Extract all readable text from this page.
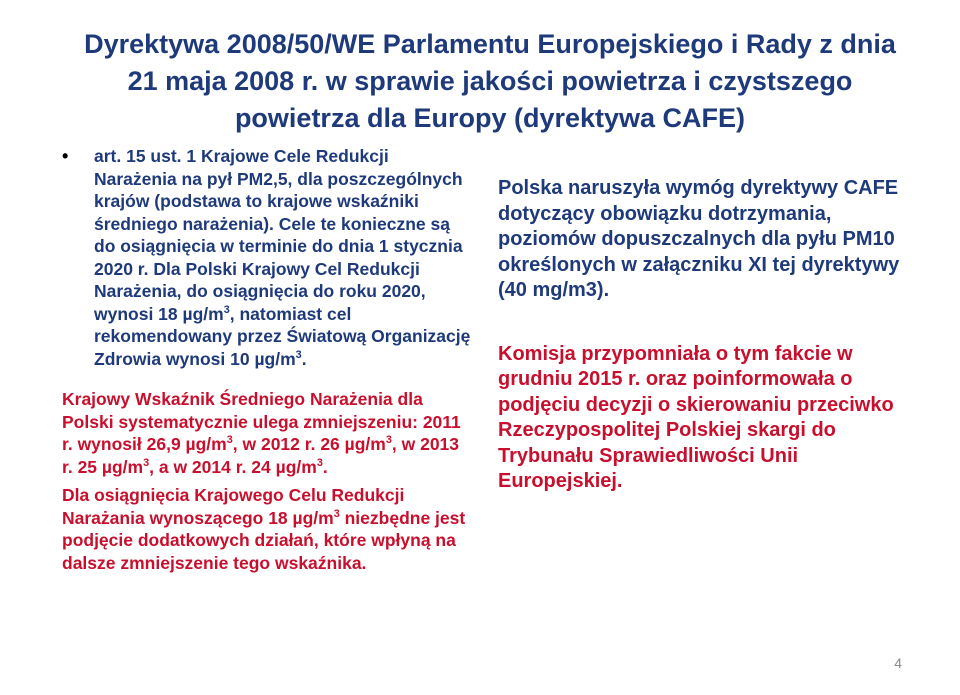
Dyrektywa 2008/50/WE Parlamentu Europejskiego i Rady z dnia
21 maja 2008 r. w sprawie jakości powietrza i czystszego
powietrza dla Europy (dyrektywa CAFE)
• art. 15 ust. 1 Krajowe Cele Redukcji Narażenia na pył PM2,5, dla poszczególnych krajów (podstawa to krajowe wskaźniki średniego narażenia). Cele te konieczne są do osiągnięcia w terminie do dnia 1 stycznia 2020 r. Dla Polski Krajowy Cel Redukcji Narażenia, do osiągnięcia do roku 2020, wynosi 18 $\mu g/m^3$, natomiast cel rekomendowany przez Światową Organizację Zdrowia wynosi 10 $\mu g/m^3$.

Krajowy Wskaźnik Średniego Narażenia dla Polski systematycznie ulega zmniejszeniu: 2011 r. wynosił 26,9 $\mu g/m^3$, w 2012 r. 26 $\mu g/m^3$, w 2013 r. 25 $\mu g/m^3$, a w 2014 r. 24 $\mu g/m^3$.

Dla osiągnięcia Krajowego Celu Redukcji Narażania wynoszącego 18 $\mu g/m^3$ niezbędne jest podjęcie dodatkowych działań, które wpłyną na dalsze zmniejszenie tego wskaźnika.

Polska naruszyła wymóg dyrektywy CAFE dotyczący obowiązku dotrzymania, poziomów dopuszczalnych dla pyłu PM10 określonych w załączniku XI tej dyrektywy (40 mg/m3).

Komisja przypomniała o tym fakcie w grudniu 2015 r. oraz poinformowała o podjęciu decyzji o skierowaniu przeciwko Rzeczypospolitej Polskiej skargi do Trybunału Sprawiedliwości Unii Europejskiej.

4
